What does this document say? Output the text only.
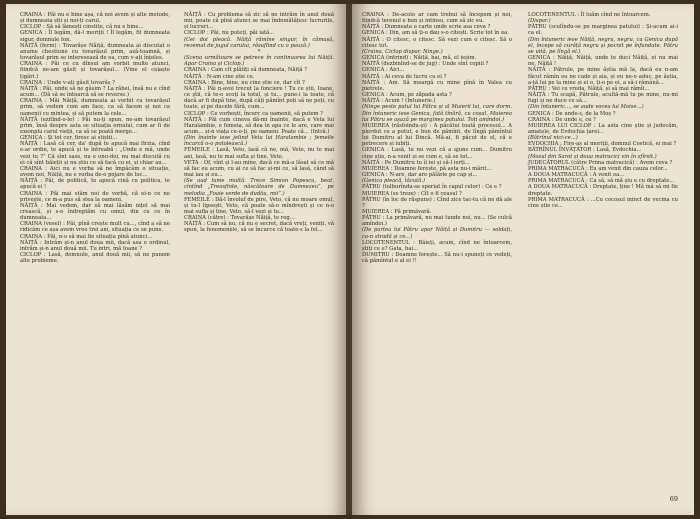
CRAINA : Păi nu e bine așa, că noi avem și alte metode, și dumneata știi și noi-ți carul.

CICLOP : Să să lămești cinstite, că nu e bine...

GENICA : Îl legăm, dă-l moriții ! Îl legăm, fii dumneata sigur, domnule Ion.

NĂIȚĂ (ferm) : Tovarășe Năiță, dumneata ai discutat o anume chestiune cu tovarășul prim, ază-toamnă, și tovarășul prim se interesează de ea, cum v-ați înțeles.

CRAINA : Păi ce cu dînsul am vorbit multe atunci, fiindcă ne-am găsit și tovarășul... (Vine el ceiaște țigări.)

CRAINA : Unde v-ați găsit tovarăș ?

NĂIȚĂ : Păi, unde să ne găsim ? La răbei, însă nu e cînd acum... (Dă să se întoarcă să se reverse.)

CRAINA : Măi Năiță, dumneata ai vorbit cu tovarășul prim, să vedem cum am face, ca să facem și noi ca oamenii cu mintea, și să putem la cele...

NĂIȚĂ (ezitînd-o-le) : Păi nu-ți spun, ne-am tovarășul prim, însă despre asta se situația ornului, cum ar fi de exemplu carul vieții, ca să se poată merge...

GENICA : Și tot cer, firesc ai stiștii...

NĂIȚĂ : Lasă că cer, da' după te apucă mai firzia, cînd e-ar ordin, te apucă și te întreabă : „Unde e mă, unde vezi tu ?” Că sînt sase, nu e unu-doi, nu mai discută cu ei că sînt băieții și nu știu ce să facă cu ei, și chiar au...

CRAINA : Aici nu e vorba să ne împăcăm o situație, avem noi, Năiță, nu e vorba de-o pojare de loc...

NĂIȚĂ : Păi, de politică, te apucă cină cu politica, te apucă ei !

CRAINA : Păi mai stăm noi de vorbă, că ei-n ce ne privește, ce m-a pus să stea la oameni.

NĂIȚĂ : Mai vedem, dar să mai lăsăm nițel să mai crească, și s-o îndreptăm cu omul, din cu ce în dumneata...

CRAINA (vesel) : Păi, pînă crește mult cu..., cînd a să ne ridicăm ce așa avem vreo trei ani, situația ce se pune.

CRAINA : Păi, n-o să mai fie situația pînă atunci...

NĂIȚĂ : Intrăm și-n anul doua mii, dacă asa e ordinul, intrăm și-n anul două mii. Tu intri, mă Ioane ?

CICLOP : Lasă, domnule, anul două mii, să ne punem alte probleme.

NĂIȚĂ : Cu problema să zic să ne intrăm în anul două mii, poate că pînă atunci se mai îmbunătățesc lucrurile, și lucruri...

CICLOP : Păi, nu puteți, păi iată...

(Cei doi pleacă. Năiță rămîne singur, în cămașă, rezemat de jugul carului, răsuflind cu o pauză.)

*

(Scena următoare se petrece în continuarea lui Năiță. Apar Craina și Ciclop.)

CRAINA : Cam cît plătiți să dumneata, Năiță ?

NĂIȚĂ : N-am cine știe ce.

CRAINA : Bine, bine, nu cine știe ce, dar cît ?

NĂIȚĂ : Păi n-avoi trecut la fonciere ! Tu ce știi, Ioane, ce știi, că te-o scoți la totul, și tu... pune-i la toate, că dacă ar fi după tine, după câți pămînt poți să ne poți, cu toate, și pe ducele fără, cum...

CICLOP : Ce vorbești, încerc ca oamenii, să putem ?

NĂIȚĂ : Păi cum cineva dă-mi înainte, dacă e Veta lui Haralambie, e femeia, să dea în apa ce le are, care mai acum... și-n viața ce-o-ți, pe oameni. Poate că... (Intră.)

(Din înainte iese jelind Veta lui Haralambie ; femeile încarcă o-o potolească.)

FEMEILE : Lasă, Veto, lasă că ne, mă, Veto, nu te mai ani, lasă, nu te mai sufla și tine, Veto.

VETA : Of, vînt și l-au mine, dacă ce mă-a lăsat să ce mă să fac eu acum, cu ai ce să fac și-mi ce, să lasă, când să mai iau și eu...

(Se aud lume multă. Trece Simion Popescu, beat, cîntînd „Treasfinte, născătoare de Dumnezeu”, pe melodia „Foaie verde de dudău, mii”.)

FEMEILE : Dă-l învoluf de pire, Veto, că nu moare omul, și tu-l lipsești, Veto, că poate să-o mîndrești și ce n-o mai sufla și tine, Veto, să-l vezi și tu...

CRAINA (către) : Tovarășe Năiță, te rog...

NĂIȚĂ : Cum să nu, că nu e secret, dacă vreți, veniți, vă spun, la fenomenele, să se încurce că toate-s la fel...

CRAINA : De-acolo ar cam trebui să începem și noi, fiindcă terenul e bun și intinsu, cum să zic eu.

NĂIȚĂ : Dumneata o carte unde scrie asa ceva ?

GENICA : Din, am să ți-o dau s-o citești. Scrie tot în ea.

NĂIȚĂ : O citesc, o citesc. Să vezi cum o citesc. Să o citesc tot.

(Craina, Ciclop dispar. Ninge.)

GENICA (intrind) : Năiță, hai, mă, el ieșim.

NĂIȚĂ (dezbinînd-se de jug) : Unde sînt copiii ?

GENICA : Aici...

NĂIȚĂ : Ai ceva de lucru cu ei ?

NĂIȚĂ : Am. Să meargă cu mine pînă în Valea cu pietrele.

GENICA : Acum, pe zăpada asta ?

NĂIȚĂ : Acum ! (Intunerie.)

(Ninge peste patul lui Pătru și al Muierii lui, care dorm. Din întuneric iese Genica, fată tînără, cu coșul. Muierea lui Pătru se așază pe marginea patului. Toți amîndoi.)

MUIEREA (răsfoindu-și) : A păcătui toată procesul... A pierdut ce a putut, e bun de pămînt, de lîngă pămîntul lui Dumitru al lui Dincă. Mă-ai, fi păcut de el, că e petrecere și iubiți.

GENICA : Lasă, tu nu vezi că a ajuns cum... Dumitru cine știe, n-a venit și se cum e, să se tot...

NĂIȚĂ : Pe Dumitru tu îi iei și să-l ierți...

MUIEREA : Doamne ferește, pă asta nu-i mărit...

GENICA : N-are, dar are pălărie pe cap și...

(Genica pleacă, tăcută.)

PĂTRU (tulburîndu-se speriat în capul celor) : Ce e ?

MUIEREA (se treze) : Cît o fi ceasul ?

PĂTRU (în loc de răspuns) : Cînd zice tac-tu că ne dă ale ?

MUIEREA : Pă primăvară.

PĂTRU : La primăvară, nu mai tunde noi, nu... (Se culcă amîndoi.)

(De partea lui Pătru apar Năiță și Dumitru — soldați, ca-n stradă și ce...)

LOCOTENENTUL : Băieți, acum, cînd ne întoarcem, știți ce e? Gata, hai...

DUMITRU : Doamne ferește... Să nu-i spuneți ce vedeți, că pămîntul e al ei !!

LOCOTENENTUL : Îl luăm cînd ne întoarcem.

(Dispar.)

PĂTRU (sculîndu-se pe marginea patului) : Și-acum ai-i ca el.

(Din întuneric iese Năiță, negru, negru, ca Genica după el, începe să curăță negru și pocnit pe înfundate. Pătru se uită, pe lîngă el.)

GENICA : Năiță, Năiță, unde te duci Năiță, ei nu mai ne, Năiță !

NĂIȚĂ : Pătrule, pe mine ăștia mă la, dacă eu n-am făcut rămîn eu ne cade și aia, și eu ne-o aduc, pe ăștia, a-ță lui pe la mine și ei o, ți-o pe ei, a să-i rămână...

PĂTRU : Vei ce vreda, Năiță, și să mai rămîi...

NĂIȚĂ : Tu scapă, Pătrule, acultă-mă tu pe mine, nu-mi fugi și ne duce ce să...

(Din întuneric..., se aude vocea lui Moise...)

GENICA : De unde-s, de la Moș ?

CRAINA : De unde e, ce ?

MUIEREA LUI CICLOP : La asta cine știe și judecăm, amatele, de Evdochia țarei...

(Bătrînul nici-ce...)

EVDOCHIA : Fire-aș al moriții, domnul Costică, ei mai ?

BĂTRÎNUL ÎNVĂȚĂTOR : Lasă, Evdochia...

(Mosul din Sarot și doua matracici vin în sfîrsit.)

JUDECĂTORUL (către Prima matracică) : Avem ceva ?

PRIMA MATRACUCĂ : Eu am venit din cauza celor...

A DOUA MATRACUCĂ : A venit ea...

PRIMA MATRACUCĂ : Ca să, să mă șiu e cu dreptate...

A DOUA MATRACUCĂ : Dreptate, ține ! Mă mă să mi fie dreptate.

PRIMA MATRACUCĂ : ...Cu cocoșul minct de vecina cu cine știe ce...

69
